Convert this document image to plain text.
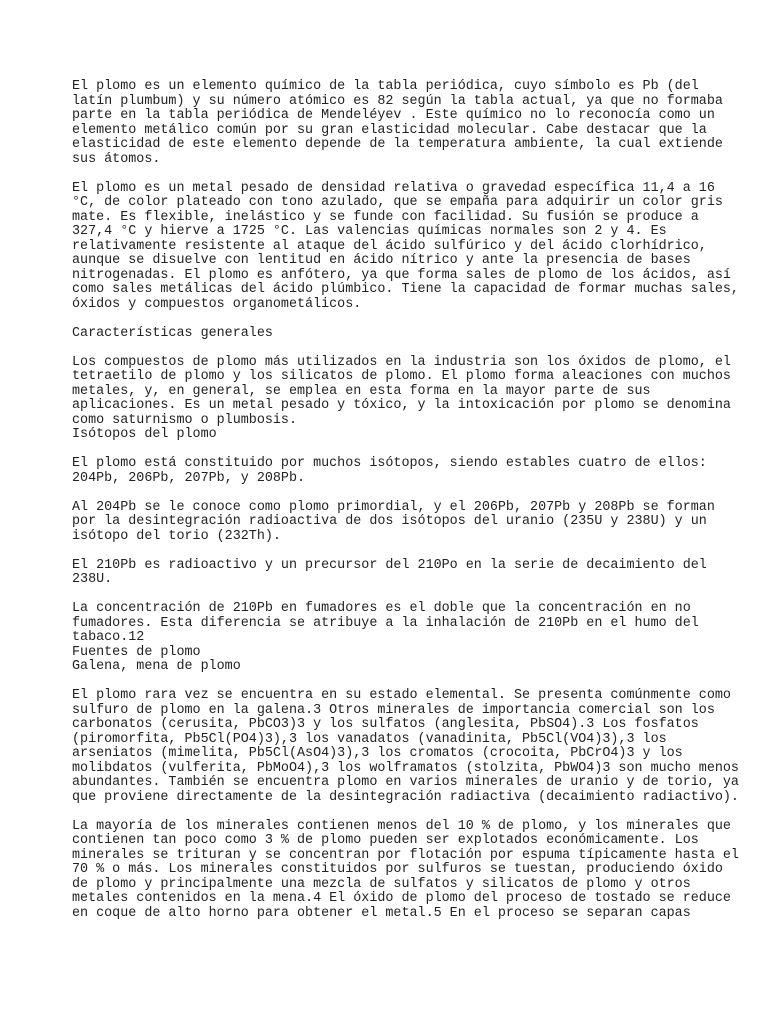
El plomo es un elemento químico de la tabla periódica, cuyo símbolo es Pb (del
latín plumbum) y su número atómico es 82 según la tabla actual, ya que no formaba
parte en la tabla periódica de Mendeléyev . Este químico no lo reconocía como un
elemento metálico común por su gran elasticidad molecular. Cabe destacar que la
elasticidad de este elemento depende de la temperatura ambiente, la cual extiende
sus átomos.
El plomo es un metal pesado de densidad relativa o gravedad específica 11,4 a 16
°C, de color plateado con tono azulado, que se empaña para adquirir un color gris
mate. Es flexible, inelástico y se funde con facilidad. Su fusión se produce a
327,4 °C y hierve a 1725 °C. Las valencias químicas normales son 2 y 4. Es
relativamente resistente al ataque del ácido sulfúrico y del ácido clorhídrico,
aunque se disuelve con lentitud en ácido nítrico y ante la presencia de bases
nitrogenadas. El plomo es anfótero, ya que forma sales de plomo de los ácidos, así
como sales metálicas del ácido plúmbico. Tiene la capacidad de formar muchas sales,
óxidos y compuestos organometálicos.
Características generales
Los compuestos de plomo más utilizados en la industria son los óxidos de plomo, el
tetraetilo de plomo y los silicatos de plomo. El plomo forma aleaciones con muchos
metales, y, en general, se emplea en esta forma en la mayor parte de sus
aplicaciones. Es un metal pesado y tóxico, y la intoxicación por plomo se denomina
como saturnismo o plumbosis.
Isótopos del plomo
El plomo está constituido por muchos isótopos, siendo estables cuatro de ellos:
204Pb, 206Pb, 207Pb, y 208Pb.
Al 204Pb se le conoce como plomo primordial, y el 206Pb, 207Pb y 208Pb se forman
por la desintegración radioactiva de dos isótopos del uranio (235U y 238U) y un
isótopo del torio (232Th).
El 210Pb es radioactivo y un precursor del 210Po en la serie de decaimiento del
238U.
La concentración de 210Pb en fumadores es el doble que la concentración en no
fumadores. Esta diferencia se atribuye a la inhalación de 210Pb en el humo del
tabaco.12
Fuentes de plomo
Galena, mena de plomo
El plomo rara vez se encuentra en su estado elemental. Se presenta comúnmente como
sulfuro de plomo en la galena.3 Otros minerales de importancia comercial son los
carbonatos (cerusita, PbCO3)3 y los sulfatos (anglesita, PbSO4).3 Los fosfatos
(piromorfita, Pb5Cl(PO4)3),3 los vanadatos (vanadinita, Pb5Cl(VO4)3),3 los
arseniatos (mimelita, Pb5Cl(AsO4)3),3 los cromatos (crocoita, PbCrO4)3 y los
molibdatos (vulferita, PbMoO4),3 los wolframatos (stolzita, PbWO4)3 son mucho menos
abundantes. También se encuentra plomo en varios minerales de uranio y de torio, ya
que proviene directamente de la desintegración radiactiva (decaimiento radiactivo).
La mayoría de los minerales contienen menos del 10 % de plomo, y los minerales que
contienen tan poco como 3 % de plomo pueden ser explotados económicamente. Los
minerales se trituran y se concentran por flotación por espuma típicamente hasta el
70 % o más. Los minerales constituidos por sulfuros se tuestan, produciendo óxido
de plomo y principalmente una mezcla de sulfatos y silicatos de plomo y otros
metales contenidos en la mena.4 El óxido de plomo del proceso de tostado se reduce
en coque de alto horno para obtener el metal.5 En el proceso se separan capas
